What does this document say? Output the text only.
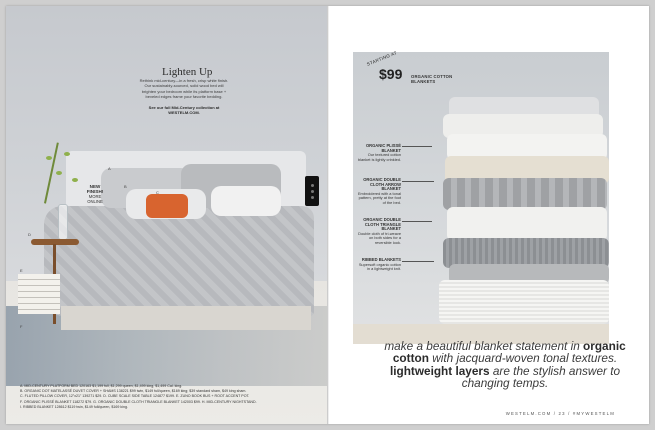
Lighten Up
Rethink mid-century—in a fresh, crisp white finish. Our sustainably-sourced, solid wood bed will brighten your bedroom while its platform base + beveled edges frame your favorite bedding.
See our full Mid-Century collection at WESTELM.COM.
NEW FINISH!
MORE ONLINE
A
B
C
D
E
F
A. MID-CENTURY PLATFORM BED 120163 $1,199 full, $1,299 queen, $1,499 king, $1,499 Cal. king.
B. ORGANIC DOT MATELASSÉ DUVET COVER + SHAMS 138221 $99 twin, $149 full/queen, $169 king; $39 standard sham, $49 king sham.
C. FLUTED PILLOW COVER, 12"x21" 139271 $29. D. CUBE SCALE SIDE TABLE 124877 $199. E. ZUNO BOOK BUS + ROOT ACCENT POT.
F. ORGANIC PLISSÉ BLANKET 118272 $79. G. ORGANIC DOUBLE CLOTH TRIANGLE BLANKET 142003 $99. H. MID-CENTURY NIGHTSTAND.
I. RIBBED BLANKET 128612 $119 twin, $149 full/queen, $169 king.
STARTING AT
$99 ORGANIC COTTON BLANKETS
ORGANIC PLISSÉ BLANKET
Our textured cotton blanket is lightly crinkled.
ORGANIC DOUBLE CLOTH ARROW BLANKET
Embroidered with a tonal pattern, pretty at the foot of the bed.
ORGANIC DOUBLE CLOTH TRIANGLE BLANKET
Double cloth of tri-weave on both sides for a reversible look.
RIBBED BLANKETS
Supersoft organic cotton in a lightweight knit.
make a beautiful blanket statement in organic cotton with jacquard-woven tonal textures. lightweight layers are the stylish answer to changing temps.
WESTELM.COM / 23 / #MYWESTELM
